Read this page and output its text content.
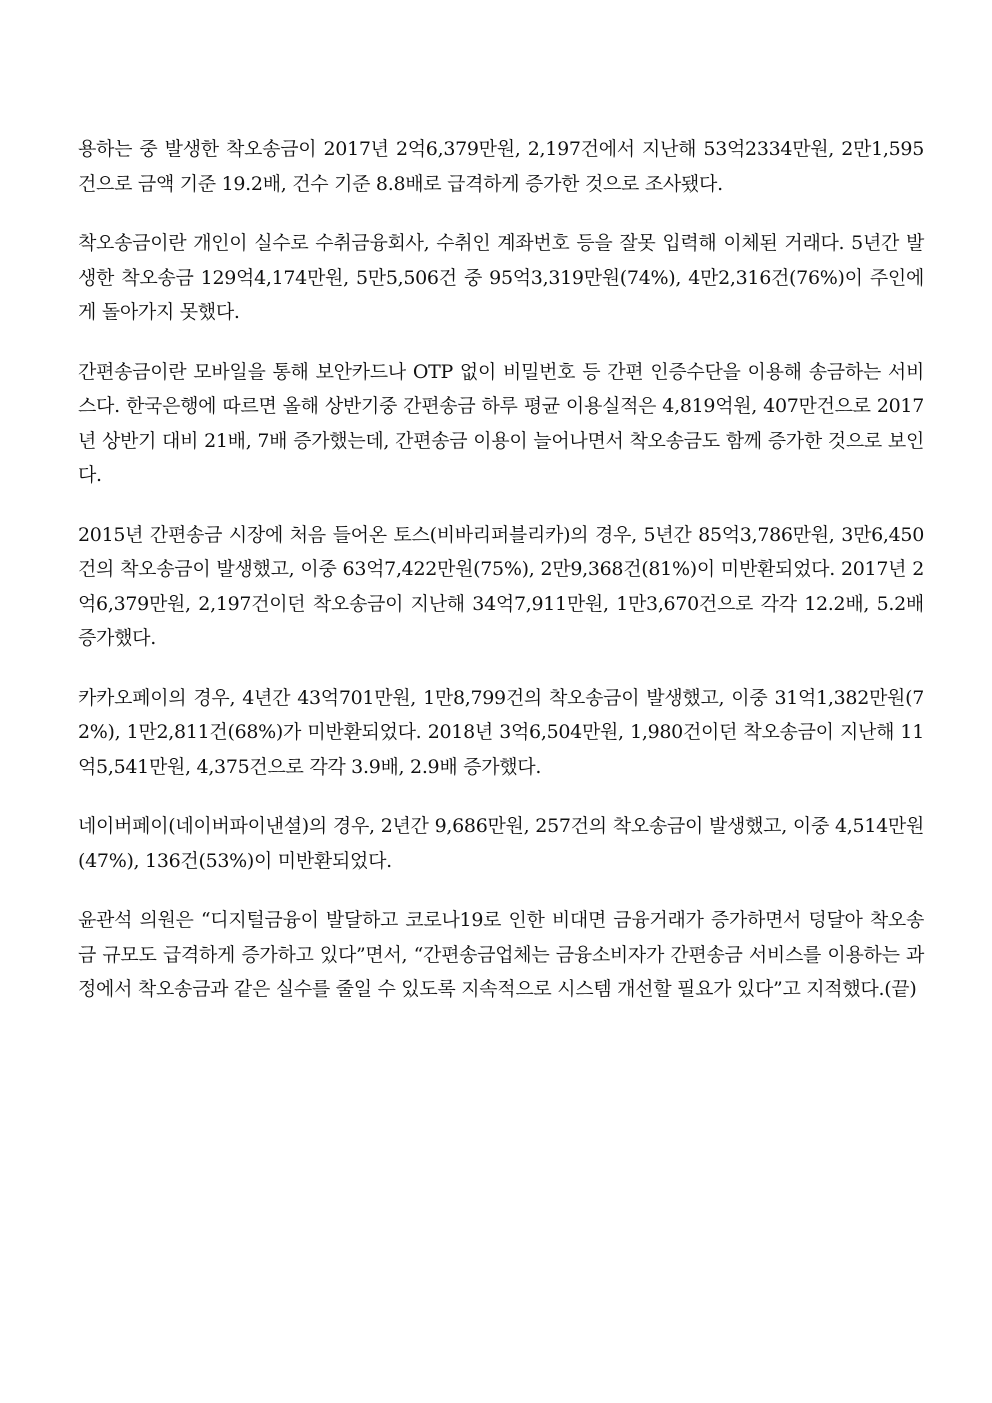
용하는 중 발생한 착오송금이 2017년 2억6,379만원, 2,197건에서 지난해 53억2334만원, 2만1,595건으로 금액 기준 19.2배, 건수 기준 8.8배로 급격하게 증가한 것으로 조사됐다.

착오송금이란 개인이 실수로 수취금융회사, 수취인 계좌번호 등을 잘못 입력해 이체된 거래다. 5년간 발생한 착오송금 129억4,174만원, 5만5,506건 중 95억3,319만원(74%), 4만2,316건(76%)이 주인에게 돌아가지 못했다.

간편송금이란 모바일을 통해 보안카드나 OTP 없이 비밀번호 등 간편 인증수단을 이용해 송금하는 서비스다. 한국은행에 따르면 올해 상반기중 간편송금 하루 평균 이용실적은 4,819억원, 407만건으로 2017년 상반기 대비 21배, 7배 증가했는데, 간편송금 이용이 늘어나면서 착오송금도 함께 증가한 것으로 보인다.

2015년 간편송금 시장에 처음 들어온 토스(비바리퍼블리카)의 경우, 5년간 85억3,786만원, 3만6,450건의 착오송금이 발생했고, 이중 63억7,422만원(75%), 2만9,368건(81%)이 미반환되었다. 2017년 2억6,379만원, 2,197건이던 착오송금이 지난해 34억7,911만원, 1만3,670건으로 각각 12.2배, 5.2배 증가했다.

카카오페이의 경우, 4년간 43억701만원, 1만8,799건의 착오송금이 발생했고, 이중 31억1,382만원(72%), 1만2,811건(68%)가 미반환되었다. 2018년 3억6,504만원, 1,980건이던 착오송금이 지난해 11억5,541만원, 4,375건으로 각각 3.9배, 2.9배 증가했다.

네이버페이(네이버파이낸셜)의 경우, 2년간 9,686만원, 257건의 착오송금이 발생했고, 이중 4,514만원(47%), 136건(53%)이 미반환되었다.

윤관석 의원은 “디지털금융이 발달하고 코로나19로 인한 비대면 금융거래가 증가하면서 덩달아 착오송금 규모도 급격하게 증가하고 있다”면서, “간편송금업체는 금융소비자가 간편송금 서비스를 이용하는 과정에서 착오송금과 같은 실수를 줄일 수 있도록 지속적으로 시스템 개선할 필요가 있다”고 지적했다.(끝)
